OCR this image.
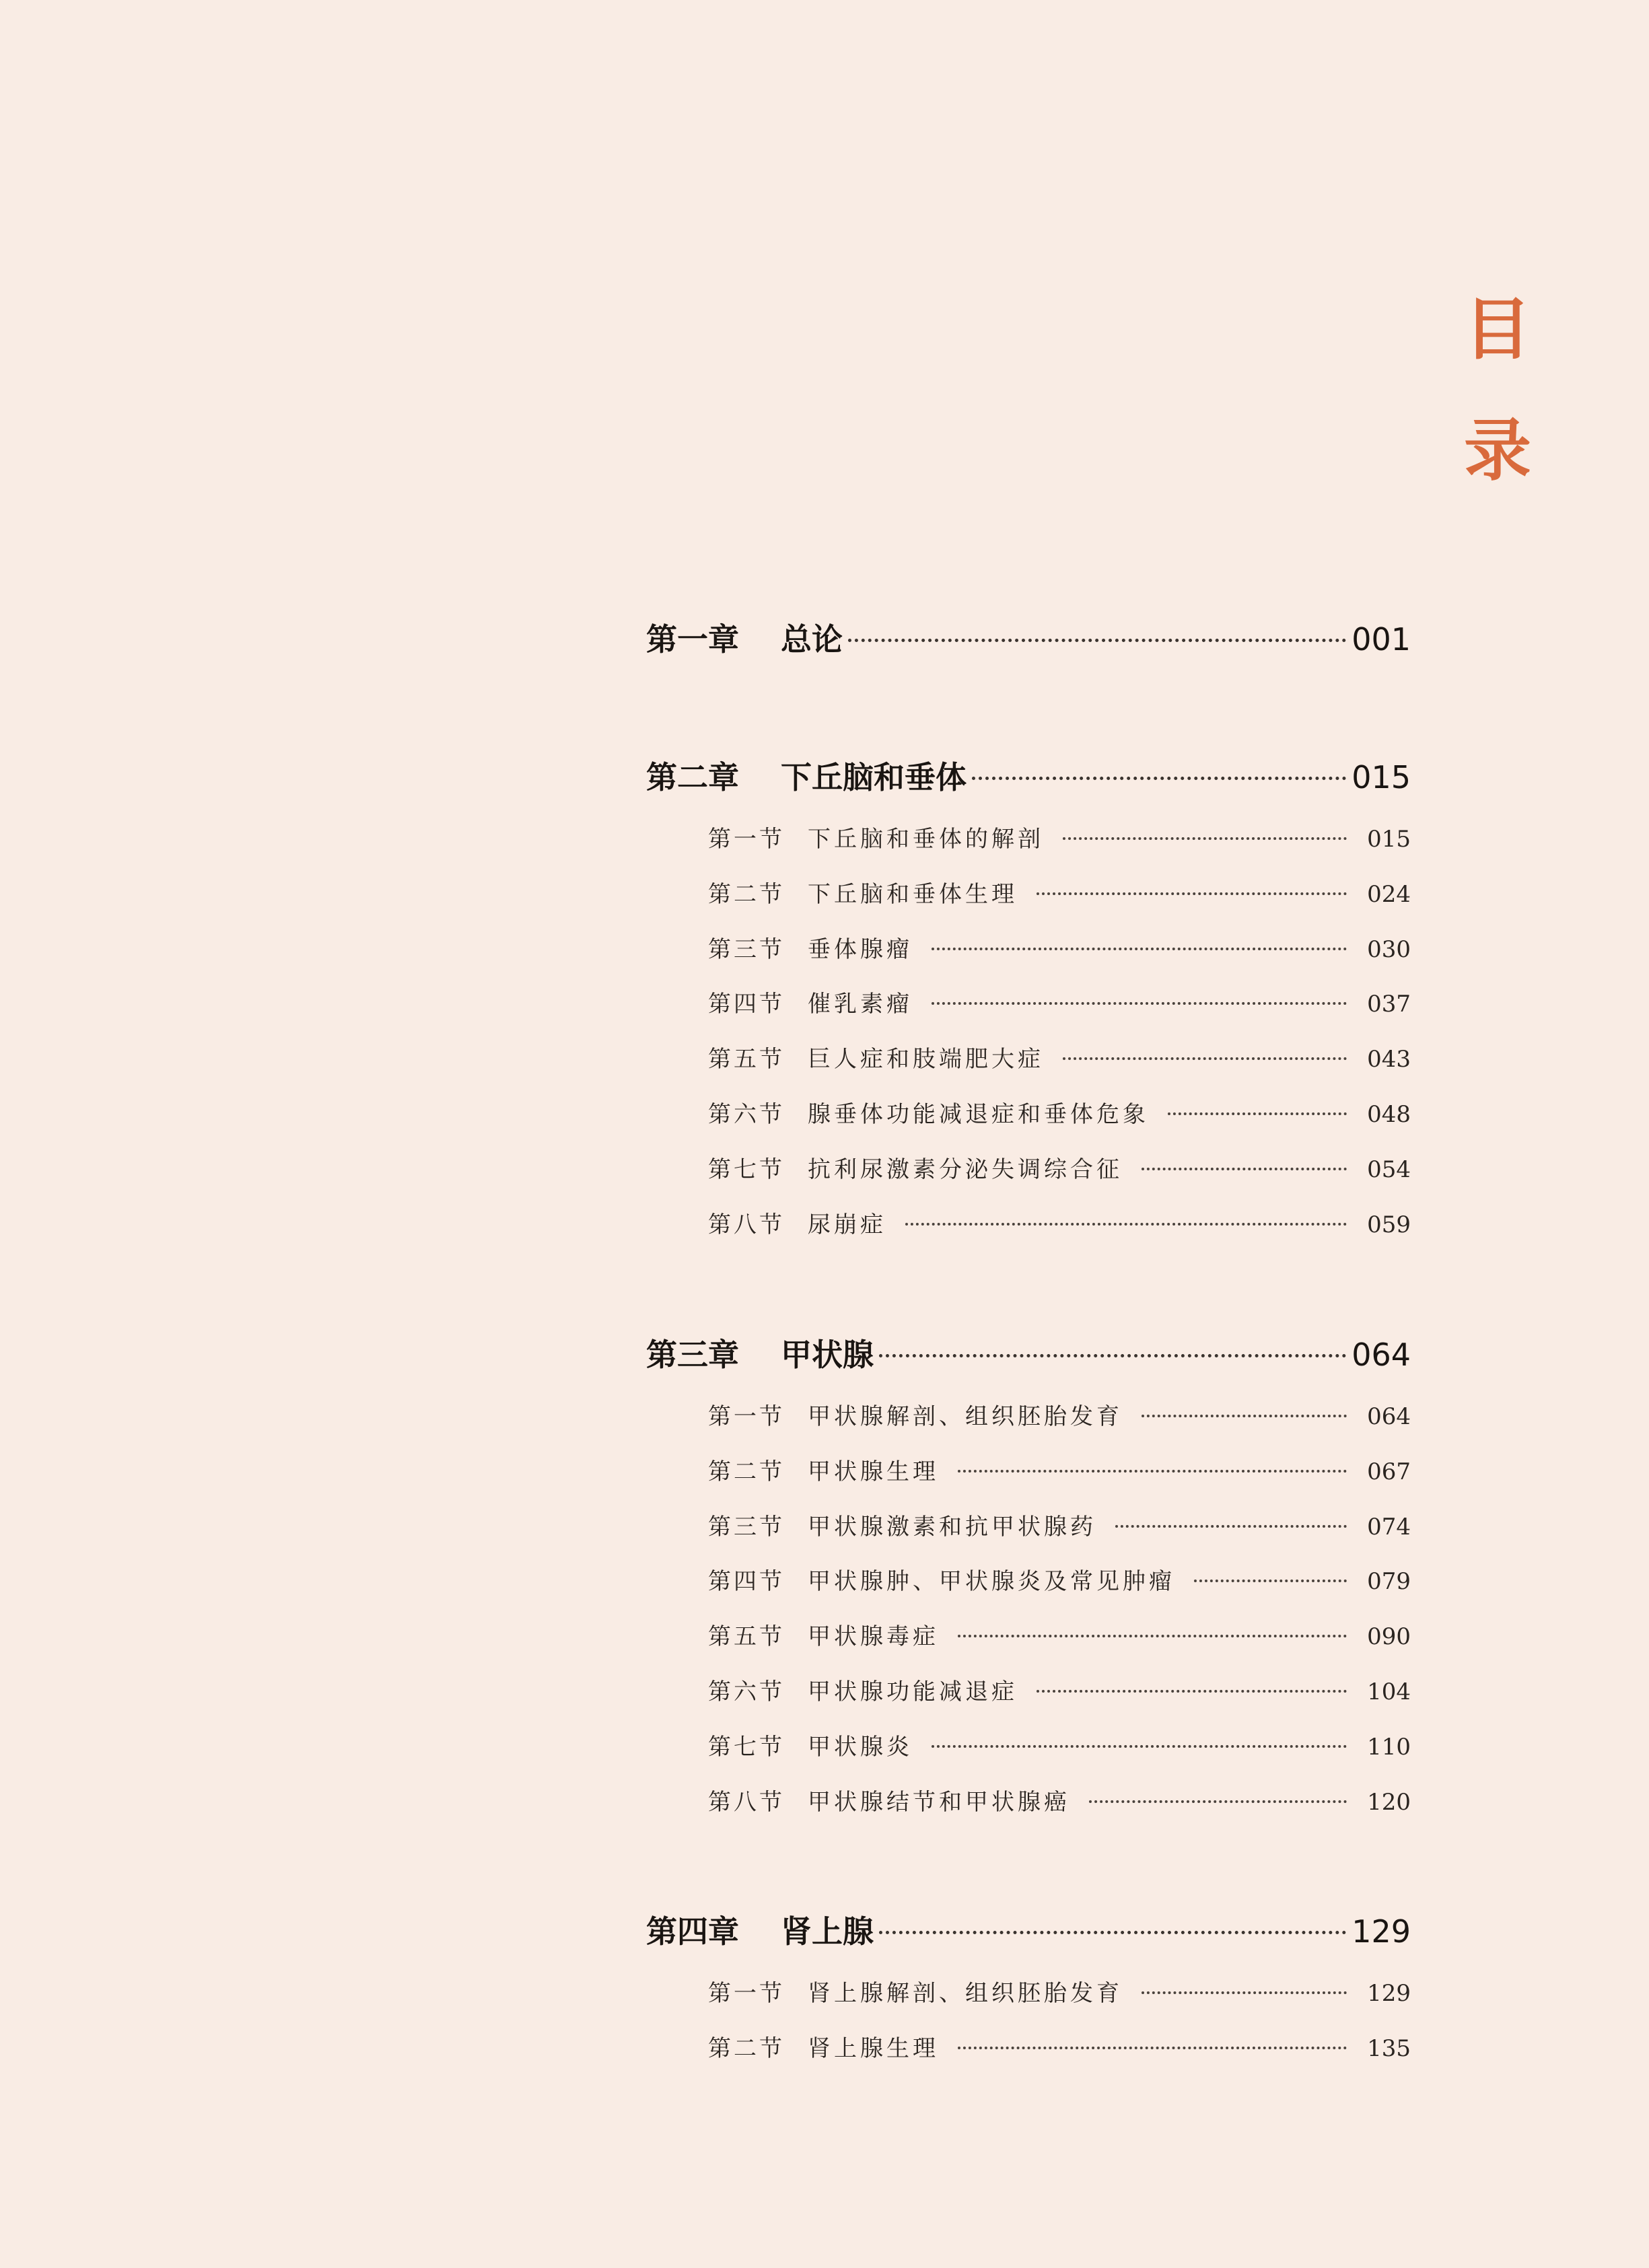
目
录
第一章	总论	001
第二章	下丘脑和垂体	015
第一节	下丘脑和垂体的解剖	015
第二节	下丘脑和垂体生理	024
第三节	垂体腺瘤	030
第四节	催乳素瘤	037
第五节	巨人症和肢端肥大症	043
第六节	腺垂体功能减退症和垂体危象	048
第七节	抗利尿激素分泌失调综合征	054
第八节	尿崩症	059
第三章	甲状腺	064
第一节	甲状腺解剖、组织胚胎发育	064
第二节	甲状腺生理	067
第三节	甲状腺激素和抗甲状腺药	074
第四节	甲状腺肿、甲状腺炎及常见肿瘤	079
第五节	甲状腺毒症	090
第六节	甲状腺功能减退症	104
第七节	甲状腺炎	110
第八节	甲状腺结节和甲状腺癌	120
第四章	肾上腺	129
第一节	肾上腺解剖、组织胚胎发育	129
第二节	肾上腺生理	135
